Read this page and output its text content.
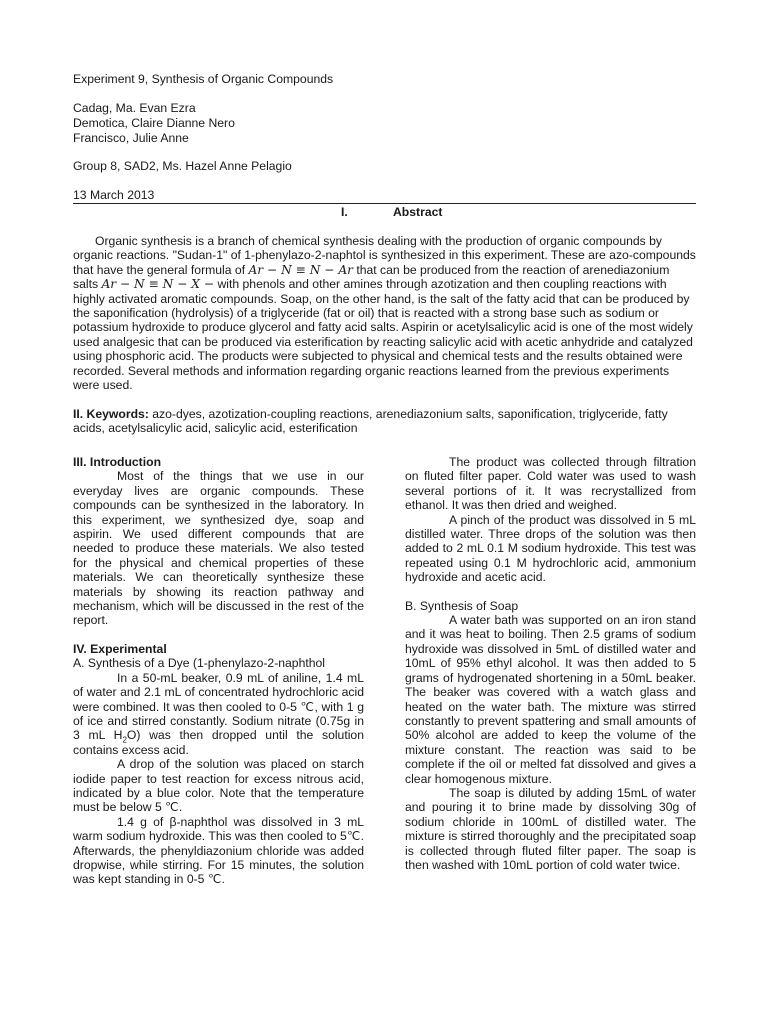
Experiment 9, Synthesis of Organic Compounds
Cadag, Ma. Evan Ezra
Demotica, Claire Dianne Nero
Francisco, Julie Anne
Group 8, SAD2, Ms. Hazel Anne Pelagio
13 March 2013
I.	Abstract

Organic synthesis is a branch of chemical synthesis dealing with the production of organic compounds by organic reactions. "Sudan-1" of 1-phenylazo-2-naphtol is synthesized in this experiment. These are azo-compounds that have the general formula of Ar − N ≡ N − Ar that can be produced from the reaction of arenediazonium salts Ar − N ≡ N − X − with phenols and other amines through azotization and then coupling reactions with highly activated aromatic compounds. Soap, on the other hand, is the salt of the fatty acid that can be produced by the saponification (hydrolysis) of a triglyceride (fat or oil) that is reacted with a strong base such as sodium or potassium hydroxide to produce glycerol and fatty acid salts. Aspirin or acetylsalicylic acid is one of the most widely used analgesic that can be produced via esterification by reacting salicylic acid with acetic anhydride and catalyzed using phosphoric acid. The products were subjected to physical and chemical tests and the results obtained were recorded. Several methods and information regarding organic reactions learned from the previous experiments were used.

II. Keywords: azo-dyes, azotization-coupling reactions, arenediazonium salts, saponification, triglyceride, fatty acids, acetylsalicylic acid, salicylic acid, esterification

III. Introduction

Most of the things that we use in our everyday lives are organic compounds. These compounds can be synthesized in the laboratory. In this experiment, we synthesized dye, soap and aspirin. We used different compounds that are needed to produce these materials. We also tested for the physical and chemical properties of these materials. We can theoretically synthesize these materials by showing its reaction pathway and mechanism, which will be discussed in the rest of the report.

IV. Experimental

A. Synthesis of a Dye (1-phenylazo-2-naphthol

In a 50-mL beaker, 0.9 mL of aniline, 1.4 mL of water and 2.1 mL of concentrated hydrochloric acid were combined. It was then cooled to 0-5 ℃, with 1 g of ice and stirred constantly. Sodium nitrate (0.75g in 3 mL $H_2O$) was then dropped until the solution contains excess acid.

A drop of the solution was placed on starch iodide paper to test reaction for excess nitrous acid, indicated by a blue color. Note that the temperature must be below 5 ℃.

1.4 g of β-naphthol was dissolved in 3 mL warm sodium hydroxide. This was then cooled to 5℃. Afterwards, the phenyldiazonium chloride was added dropwise, while stirring. For 15 minutes, the solution was kept standing in 0-5 ℃.

The product was collected through filtration on fluted filter paper. Cold water was used to wash several portions of it. It was recrystallized from ethanol. It was then dried and weighed.

A pinch of the product was dissolved in 5 mL distilled water. Three drops of the solution was then added to 2 mL 0.1 M sodium hydroxide. This test was repeated using 0.1 M hydrochloric acid, ammonium hydroxide and acetic acid.

B. Synthesis of Soap

A water bath was supported on an iron stand and it was heat to boiling. Then 2.5 grams of sodium hydroxide was dissolved in 5mL of distilled water and 10mL of 95% ethyl alcohol. It was then added to 5 grams of hydrogenated shortening in a 50mL beaker. The beaker was covered with a watch glass and heated on the water bath. The mixture was stirred constantly to prevent spattering and small amounts of 50% alcohol are added to keep the volume of the mixture constant. The reaction was said to be complete if the oil or melted fat dissolved and gives a clear homogenous mixture.

The soap is diluted by adding 15mL of water and pouring it to brine made by dissolving 30g of sodium chloride in 100mL of distilled water. The mixture is stirred thoroughly and the precipitated soap is collected through fluted filter paper. The soap is then washed with 10mL portion of cold water twice.
